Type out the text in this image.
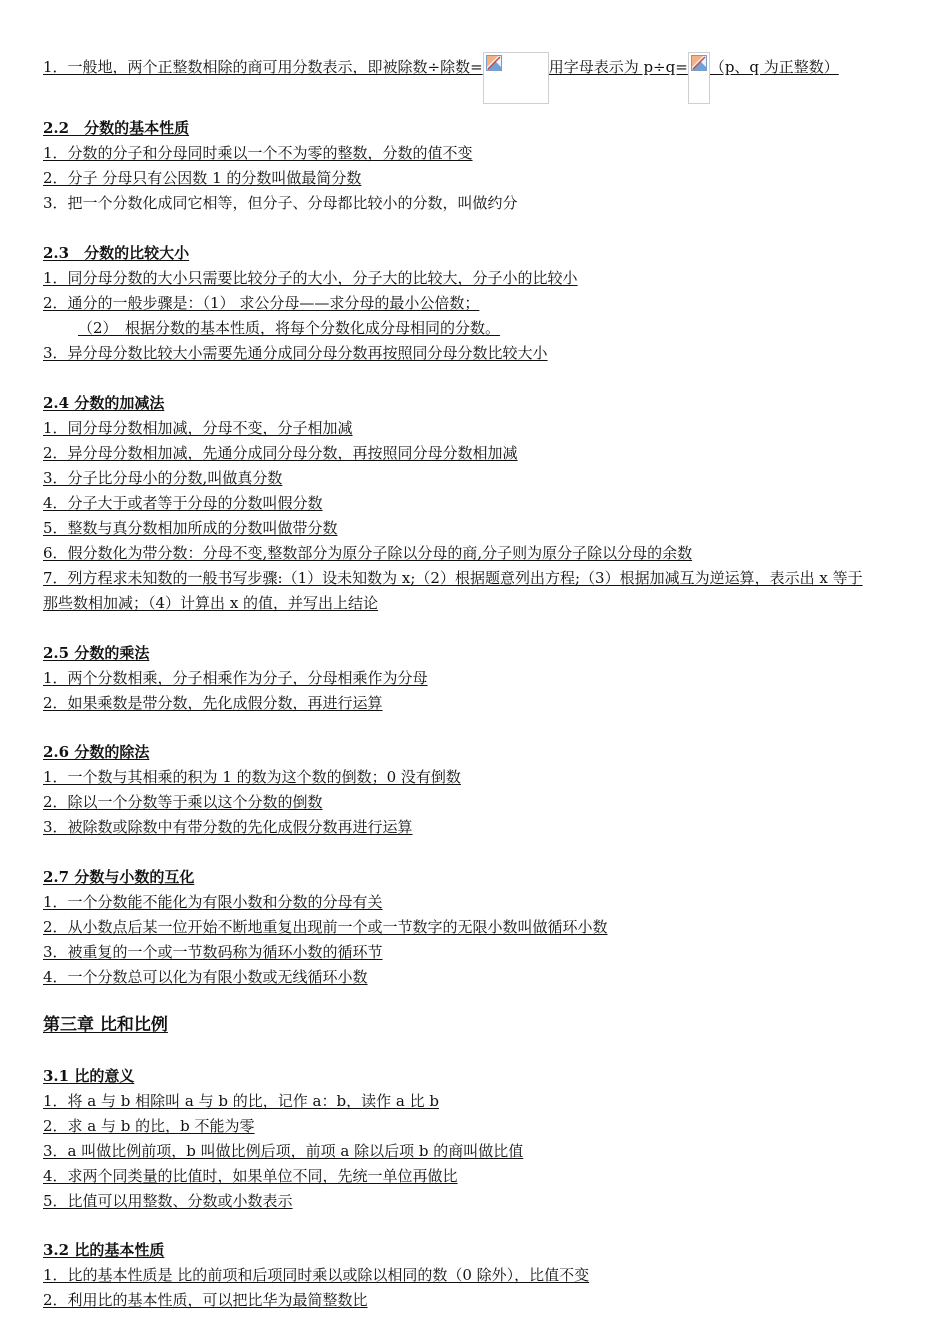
1．一般地，两个正整数相除的商可用分数表示，即被除数÷除数=	用字母表示为 p÷q= （p、q 为正整数）
2.2　分数的基本性质
1．分数的分子和分母同时乘以一个不为零的整数，分数的值不变
2．分子 分母只有公因数 1 的分数叫做最简分数
3．把一个分数化成同它相等，但分子、分母都比较小的分数，叫做约分
2.3　分数的比较大小
1．同分母分数的大小只需要比较分子的大小，分子大的比较大，分子小的比较小
2．通分的一般步骤是：（1） 求公分母——求分母的最小公倍数；
（2）　根据分数的基本性质，将每个分数化成分母相同的分数。
3．异分母分数比较大小需要先通分成同分母分数再按照同分母分数比较大小
2.4 分数的加减法
1．同分母分数相加减，分母不变，分子相加减
2．异分母分数相加减，先通分成同分母分数，再按照同分母分数相加减
3．分子比分母小的分数,叫做真分数
4．分子大于或者等于分母的分数叫假分数
5．整数与真分数相加所成的分数叫做带分数
6．假分数化为带分数：分母不变,整数部分为原分子除以分母的商,分子则为原分子除以分母的余数
7．列方程求未知数的一般书写步骤:（1）设未知数为 x;（2）根据题意列出方程;（3）根据加减互为逆运算，表示出 x 等于
那些数相加减；（4）计算出 x 的值，并写出上结论
2.5 分数的乘法
1．两个分数相乘，分子相乘作为分子，分母相乘作为分母
2．如果乘数是带分数，先化成假分数，再进行运算
2.6 分数的除法
1．一个数与其相乘的积为 1 的数为这个数的倒数；0 没有倒数
2．除以一个分数等于乘以这个分数的倒数
3．被除数或除数中有带分数的先化成假分数再进行运算
2.7 分数与小数的互化
1．一个分数能不能化为有限小数和分数的分母有关
2．从小数点后某一位开始不断地重复出现前一个或一节数字的无限小数叫做循环小数
3．被重复的一个或一节数码称为循环小数的循环节
4．一个分数总可以化为有限小数或无线循环小数
第三章 比和比例
3.1 比的意义
1．将 a 与 b 相除叫 a 与 b 的比，记作 a：b，读作 a 比 b
2．求 a 与 b 的比，b 不能为零
3．a 叫做比例前项，b 叫做比例后项，前项 a 除以后项 b 的商叫做比值
4．求两个同类量的比值时，如果单位不同，先统一单位再做比
5．比值可以用整数、分数或小数表示
3.2 比的基本性质
1．比的基本性质是 比的前项和后项同时乘以或除以相同的数（0 除外），比值不变
2．利用比的基本性质，可以把比华为最简整数比
